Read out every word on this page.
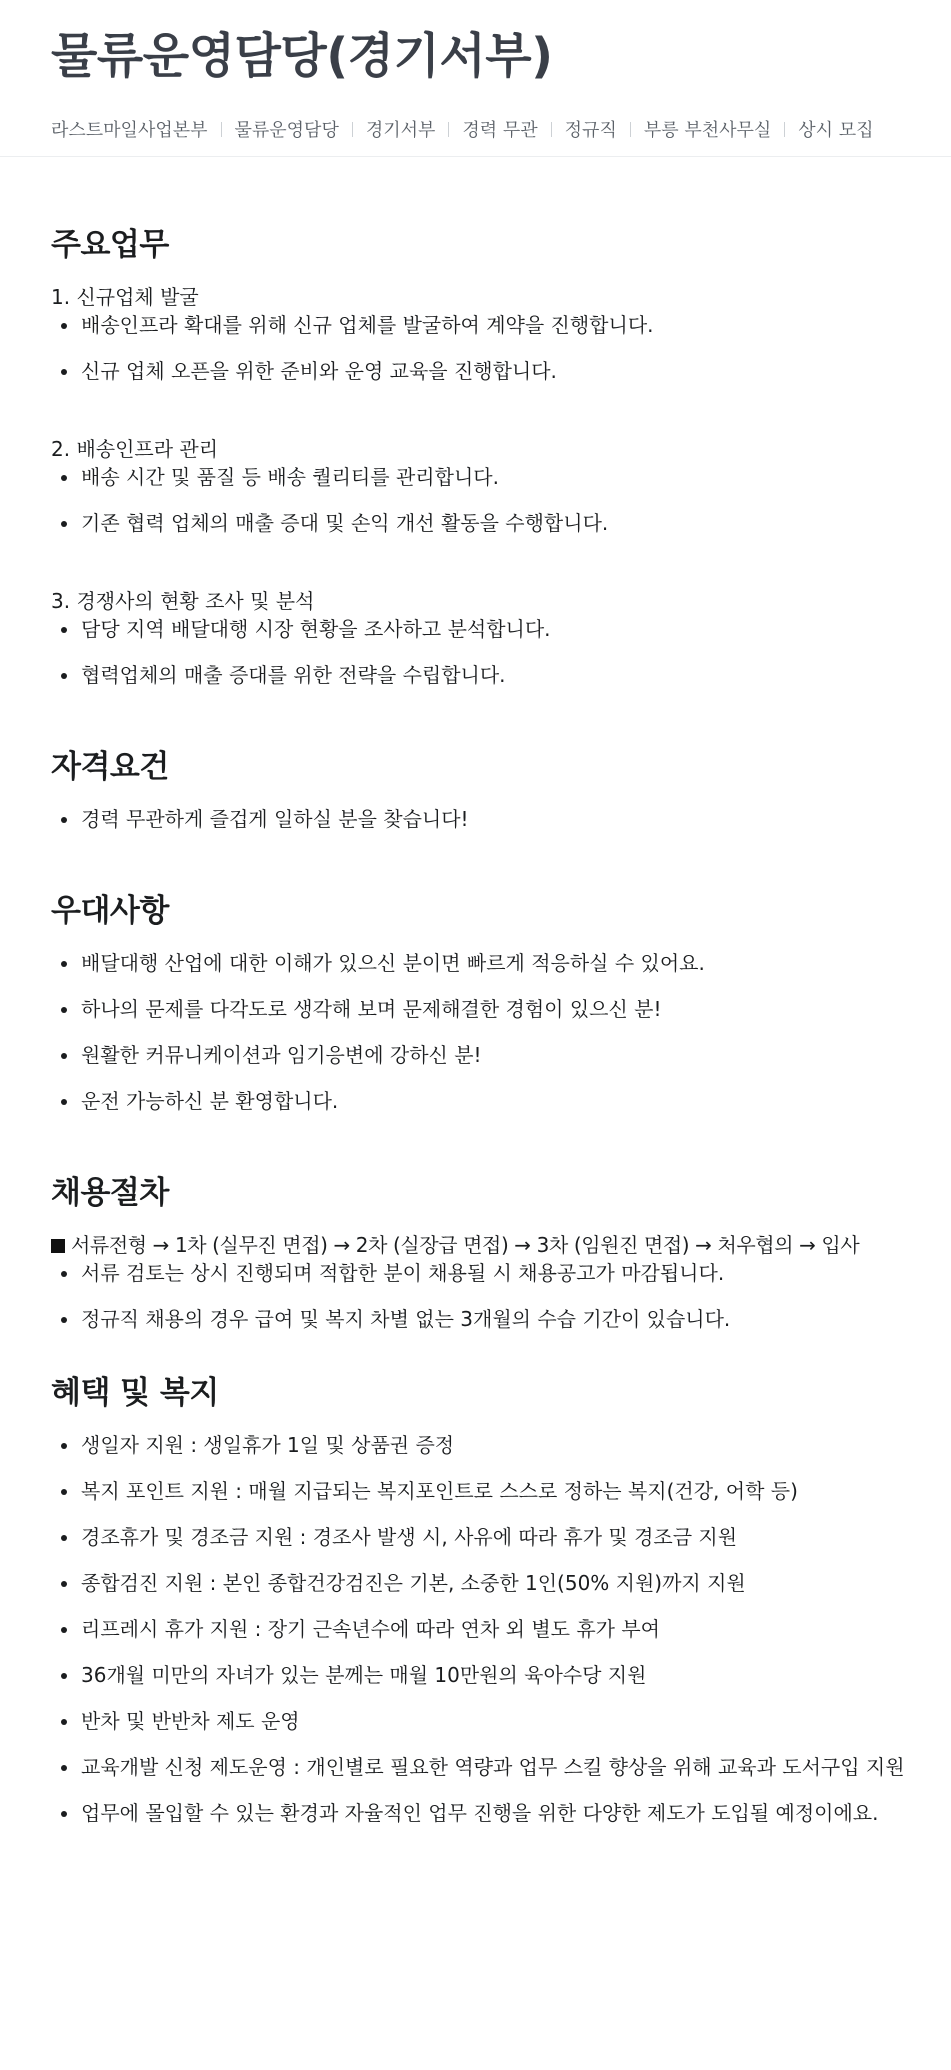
물류운영담당(경기서부)
라스트마일사업본부 물류운영담당 경기서부 경력 무관 정규직 부릉 부천사무실 상시 모집
주요업무

1. 신규업체 발굴

배송인프라 확대를 위해 신규 업체를 발굴하여 계약을 진행합니다.
신규 업체 오픈을 위한 준비와 운영 교육을 진행합니다.

2. 배송인프라 관리

배송 시간 및 품질 등 배송 퀄리티를 관리합니다.
기존 협력 업체의 매출 증대 및 손익 개선 활동을 수행합니다.

3. 경쟁사의 현황 조사 및 분석

담당 지역 배달대행 시장 현황을 조사하고 분석합니다.
협력업체의 매출 증대를 위한 전략을 수립합니다.
자격요건
경력 무관하게 즐겁게 일하실 분을 찾습니다!
우대사항
배달대행 산업에 대한 이해가 있으신 분이면 빠르게 적응하실 수 있어요.
하나의 문제를 다각도로 생각해 보며 문제해결한 경험이 있으신 분!
원활한 커뮤니케이션과 임기응변에 강하신 분!
운전 가능하신 분 환영합니다.
채용절차

서류전형 → 1차 (실무진 면접) → 2차 (실장급 면접) → 3차 (임원진 면접) → 처우협의 → 입사

서류 검토는 상시 진행되며 적합한 분이 채용될 시 채용공고가 마감됩니다.
정규직 채용의 경우 급여 및 복지 차별 없는 3개월의 수습 기간이 있습니다.
혜택 및 복지
생일자 지원 : 생일휴가 1일 및 상품권 증정
복지 포인트 지원 : 매월 지급되는 복지포인트로 스스로 정하는 복지(건강, 어학 등)
경조휴가 및 경조금 지원 : 경조사 발생 시, 사유에 따라 휴가 및 경조금 지원
종합검진 지원 : 본인 종합건강검진은 기본, 소중한 1인(50% 지원)까지 지원
리프레시 휴가 지원 : 장기 근속년수에 따라 연차 외 별도 휴가 부여
36개월 미만의 자녀가 있는 분께는 매월 10만원의 육아수당 지원
반차 및 반반차 제도 운영
교육개발 신청 제도운영 : 개인별로 필요한 역량과 업무 스킬 향상을 위해 교육과 도서구입 지원
업무에 몰입할 수 있는 환경과 자율적인 업무 진행을 위한 다양한 제도가 도입될 예정이에요.
